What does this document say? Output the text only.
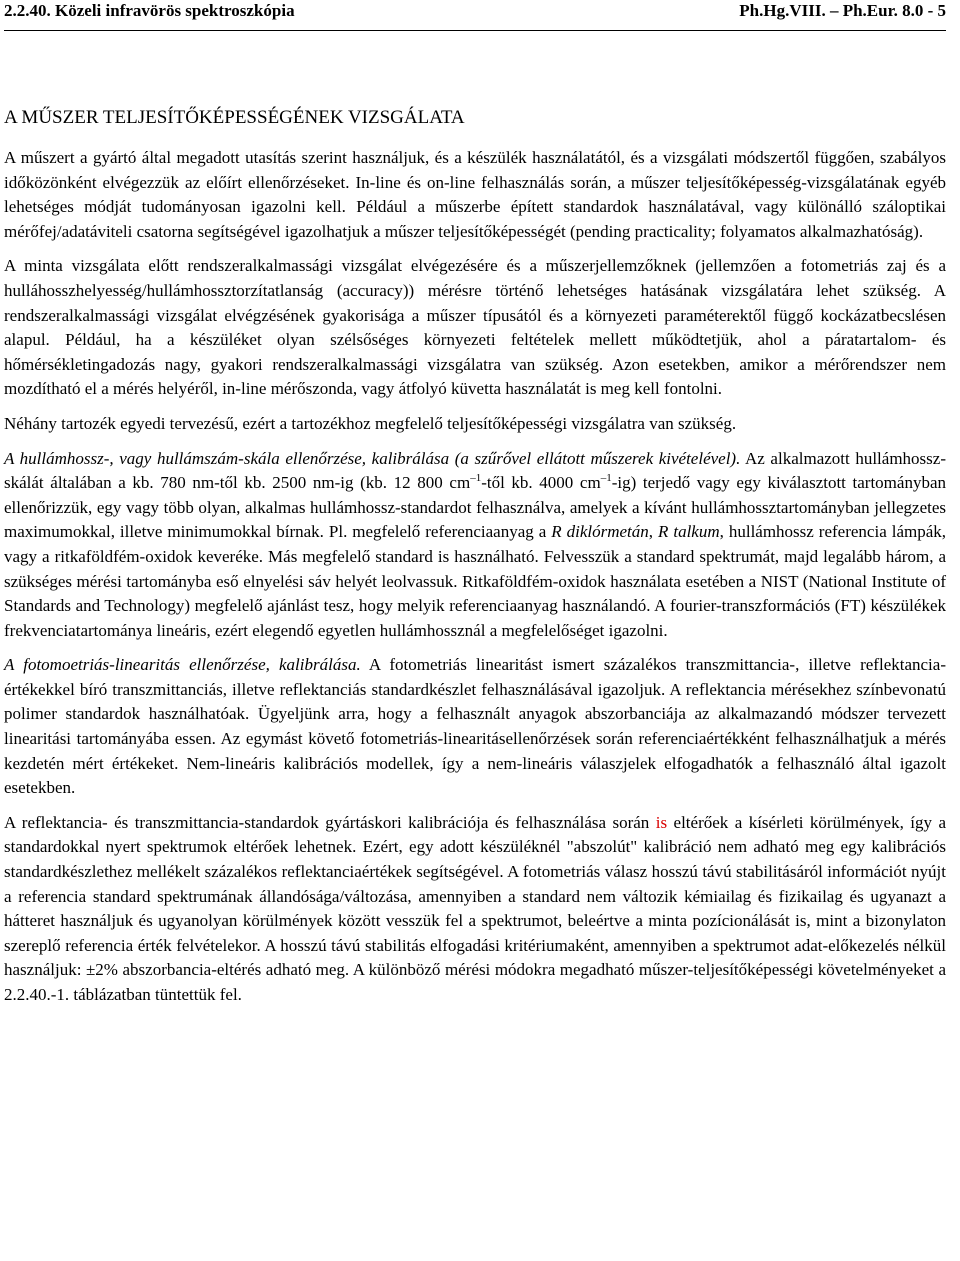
2.2.40. Közeli infravörös spektroszkópia	Ph.Hg.VIII. – Ph.Eur. 8.0 - 5
A MŰSZER TELJESÍTŐKÉPESSÉGÉNEK VIZSGÁLATA

A műszert a gyártó által megadott utasítás szerint használjuk, és a készülék használatától, és a vizsgálati módszertől függően, szabályos időközönként elvégezzük az előírt ellenőrzéseket. In-line és on-line felhasználás során, a műszer teljesítőképesség-vizsgálatának egyéb lehetséges módját tudományosan igazolni kell. Például a műszerbe épített standardok használatával, vagy különálló száloptikai mérőfej/adatáviteli csatorna segítségével igazolhatjuk a műszer teljesítőképességét (pending practicality; folyamatos alkalmazhatóság).

A minta vizsgálata előtt rendszeralkalmassági vizsgálat elvégezésére és a műszerjellemzőknek (jellemzően a fotometriás zaj és a hulláhosszhelyesség/hullámhossztorzítatlanság (accuracy)) mérésre történő lehetséges hatásának vizsgálatára lehet szükség. A rendszeralkalmassági vizsgálat elvégzésének gyakorisága a műszer típusától és a környezeti paraméterektől függő kockázatbecslésen alapul. Például, ha a készüléket olyan szélsőséges környezeti feltételek mellett működtetjük, ahol a páratartalom- és hőmérsékletingadozás nagy, gyakori rendszeralkalmassági vizsgálatra van szükség. Azon esetekben, amikor a mérőrendszer nem mozdítható el a mérés helyéről, in-line mérőszonda, vagy átfolyó küvetta használatát is meg kell fontolni.

Néhány tartozék egyedi tervezésű, ezért a tartozékhoz megfelelő teljesítőképességi vizsgálatra van szükség.

A hullámhossz-, vagy hullámszám-skála ellenőrzése, kalibrálása (a szűrővel ellátott műszerek kivételével). Az alkalmazott hullámhossz-skálát általában a kb. 780 nm-től kb. 2500 nm-ig (kb. 12 800 $cm^{-1}$-től kb. 4000 $cm^{-1}-ig$) terjedő vagy egy kiválasztott tartományban ellenőrizzük, egy vagy több olyan, alkalmas hullámhossz-standardot felhasználva, amelyek a kívánt hullámhossztartományban jellegzetes maximumokkal, illetve minimumokkal bírnak. Pl. megfelelő referenciaanyag a R diklórmetán, R talkum, hullámhossz referencia lámpák, vagy a ritkaföldfém-oxidok keveréke. Más megfelelő standard is használható. Felvesszük a standard spektrumát, majd legalább három, a szükséges mérési tartományba eső elnyelési sáv helyét leolvassuk. Ritkaföldfém-oxidok használata esetében a NIST (National Institute of Standards and Technology) megfelelő ajánlást tesz, hogy melyik referenciaanyag használandó. A fourier-transzformációs (FT) készülékek frekvenciatartománya lineáris, ezért elegendő egyetlen hullámhossznál a megfelelőséget igazolni.

A fotomoetriás-linearitás ellenőrzése, kalibrálása. A fotometriás linearitást ismert százalékos transzmittancia-, illetve reflektancia-értékekkel bíró transzmittanciás, illetve reflektanciás standardkészlet felhasználásával igazoljuk. A reflektancia mérésekhez színbevonatú polimer standardok használhatóak. Ügyeljünk arra, hogy a felhasznált anyagok abszorbanciája az alkalmazandó módszer tervezett linearitási tartományába essen. Az egymást követő fotometriás-linearitásellenőrzések során referenciaértékként felhasználhatjuk a mérés kezdetén mért értékeket. Nem-lineáris kalibrációs modellek, így a nem-lineáris válaszjelek elfogadhatók a felhasználó által igazolt esetekben.

A reflektancia- és transzmittancia-standardok gyártáskori kalibrációja és felhasználása során is eltérőek a kísérleti körülmények, így a standardokkal nyert spektrumok eltérőek lehetnek. Ezért, egy adott készüléknél "abszolút" kalibráció nem adható meg egy kalibrációs standardkészlethez mellékelt százalékos reflektanciaértékek segítségével. A fotometriás válasz hosszú távú stabilitásáról információt nyújt a referencia standard spektrumának állandósága/változása, amennyiben a standard nem változik kémiailag és fizikailag és ugyanazt a hátteret használjuk és ugyanolyan körülmények között vesszük fel a spektrumot, beleértve a minta pozícionálását is, mint a bizonylaton szereplő referencia érték felvételekor. A hosszú távú stabilitás elfogadási kritériumaként, amennyiben a spektrumot adat-előkezelés nélkül használjuk: ±2% abszorbancia-eltérés adható meg. A különböző mérési módokra megadható műszer-teljesítőképességi követelményeket a 2.2.40.-1. táblázatban tüntettük fel.
